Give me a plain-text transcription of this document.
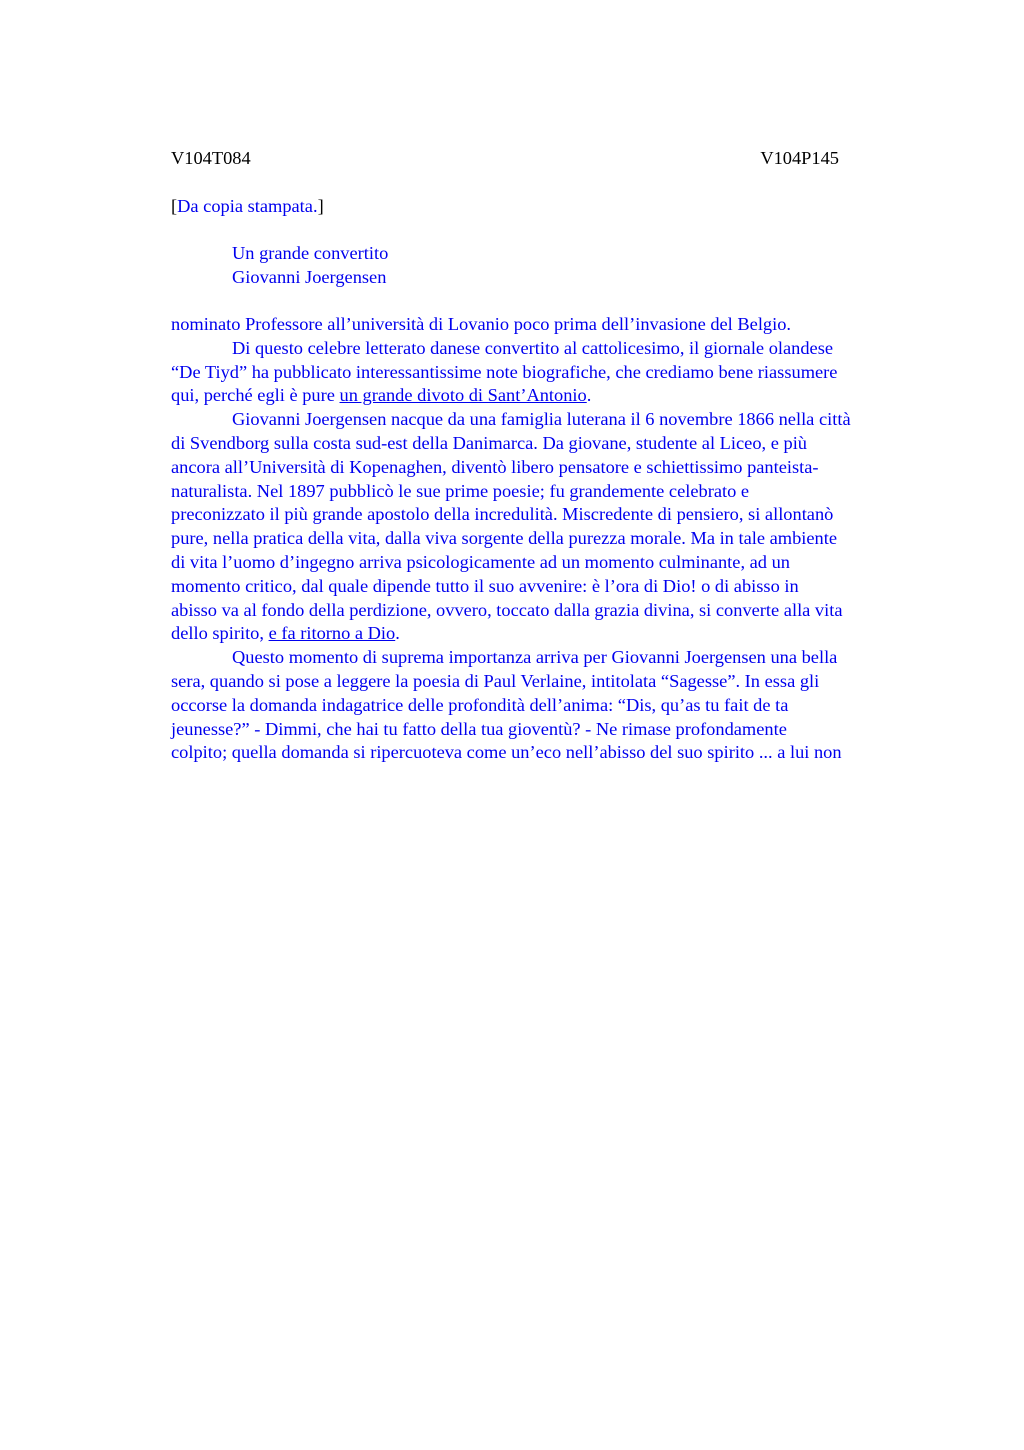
V104T084	V104P145
[Da copia stampata.]
Un grande convertito
Giovanni Joergensen

nominato Professore all’università di Lovanio poco prima dell’invasione del Belgio.

Di questo celebre letterato danese convertito al cattolicesimo, il giornale olandese

“De Tiyd” ha pubblicato interessantissime note biografiche, che crediamo bene riassumere

qui, perché egli è pure un grande divoto di Sant’Antonio.

Giovanni Joergensen nacque da una famiglia luterana il 6 novembre 1866 nella città

di Svendborg sulla costa sud-est della Danimarca. Da giovane, studente al Liceo, e più

ancora all’Università di Kopenaghen, diventò libero pensatore e schiettissimo panteista-

naturalista. Nel 1897 pubblicò le sue prime poesie; fu grandemente celebrato e

preconizzato il più grande apostolo della incredulità. Miscredente di pensiero, si allontanò

pure, nella pratica della vita, dalla viva sorgente della purezza morale. Ma in tale ambiente

di vita l’uomo d’ingegno arriva psicologicamente ad un momento culminante, ad un

momento critico, dal quale dipende tutto il suo avvenire: è l’ora di Dio! o di abisso in

abisso va al fondo della perdizione, ovvero, toccato dalla grazia divina, si converte alla vita

dello spirito, e fa ritorno a Dio.

Questo momento di suprema importanza arriva per Giovanni Joergensen una bella

sera, quando si pose a leggere la poesia di Paul Verlaine, intitolata “Sagesse”. In essa gli

occorse la domanda indagatrice delle profondità dell’anima: “Dis, qu’as tu fait de ta

jeunesse?” - Dimmi, che hai tu fatto della tua gioventù? - Ne rimase profondamente

colpito; quella domanda si ripercuoteva come un’eco nell’abisso del suo spirito ... a lui non
